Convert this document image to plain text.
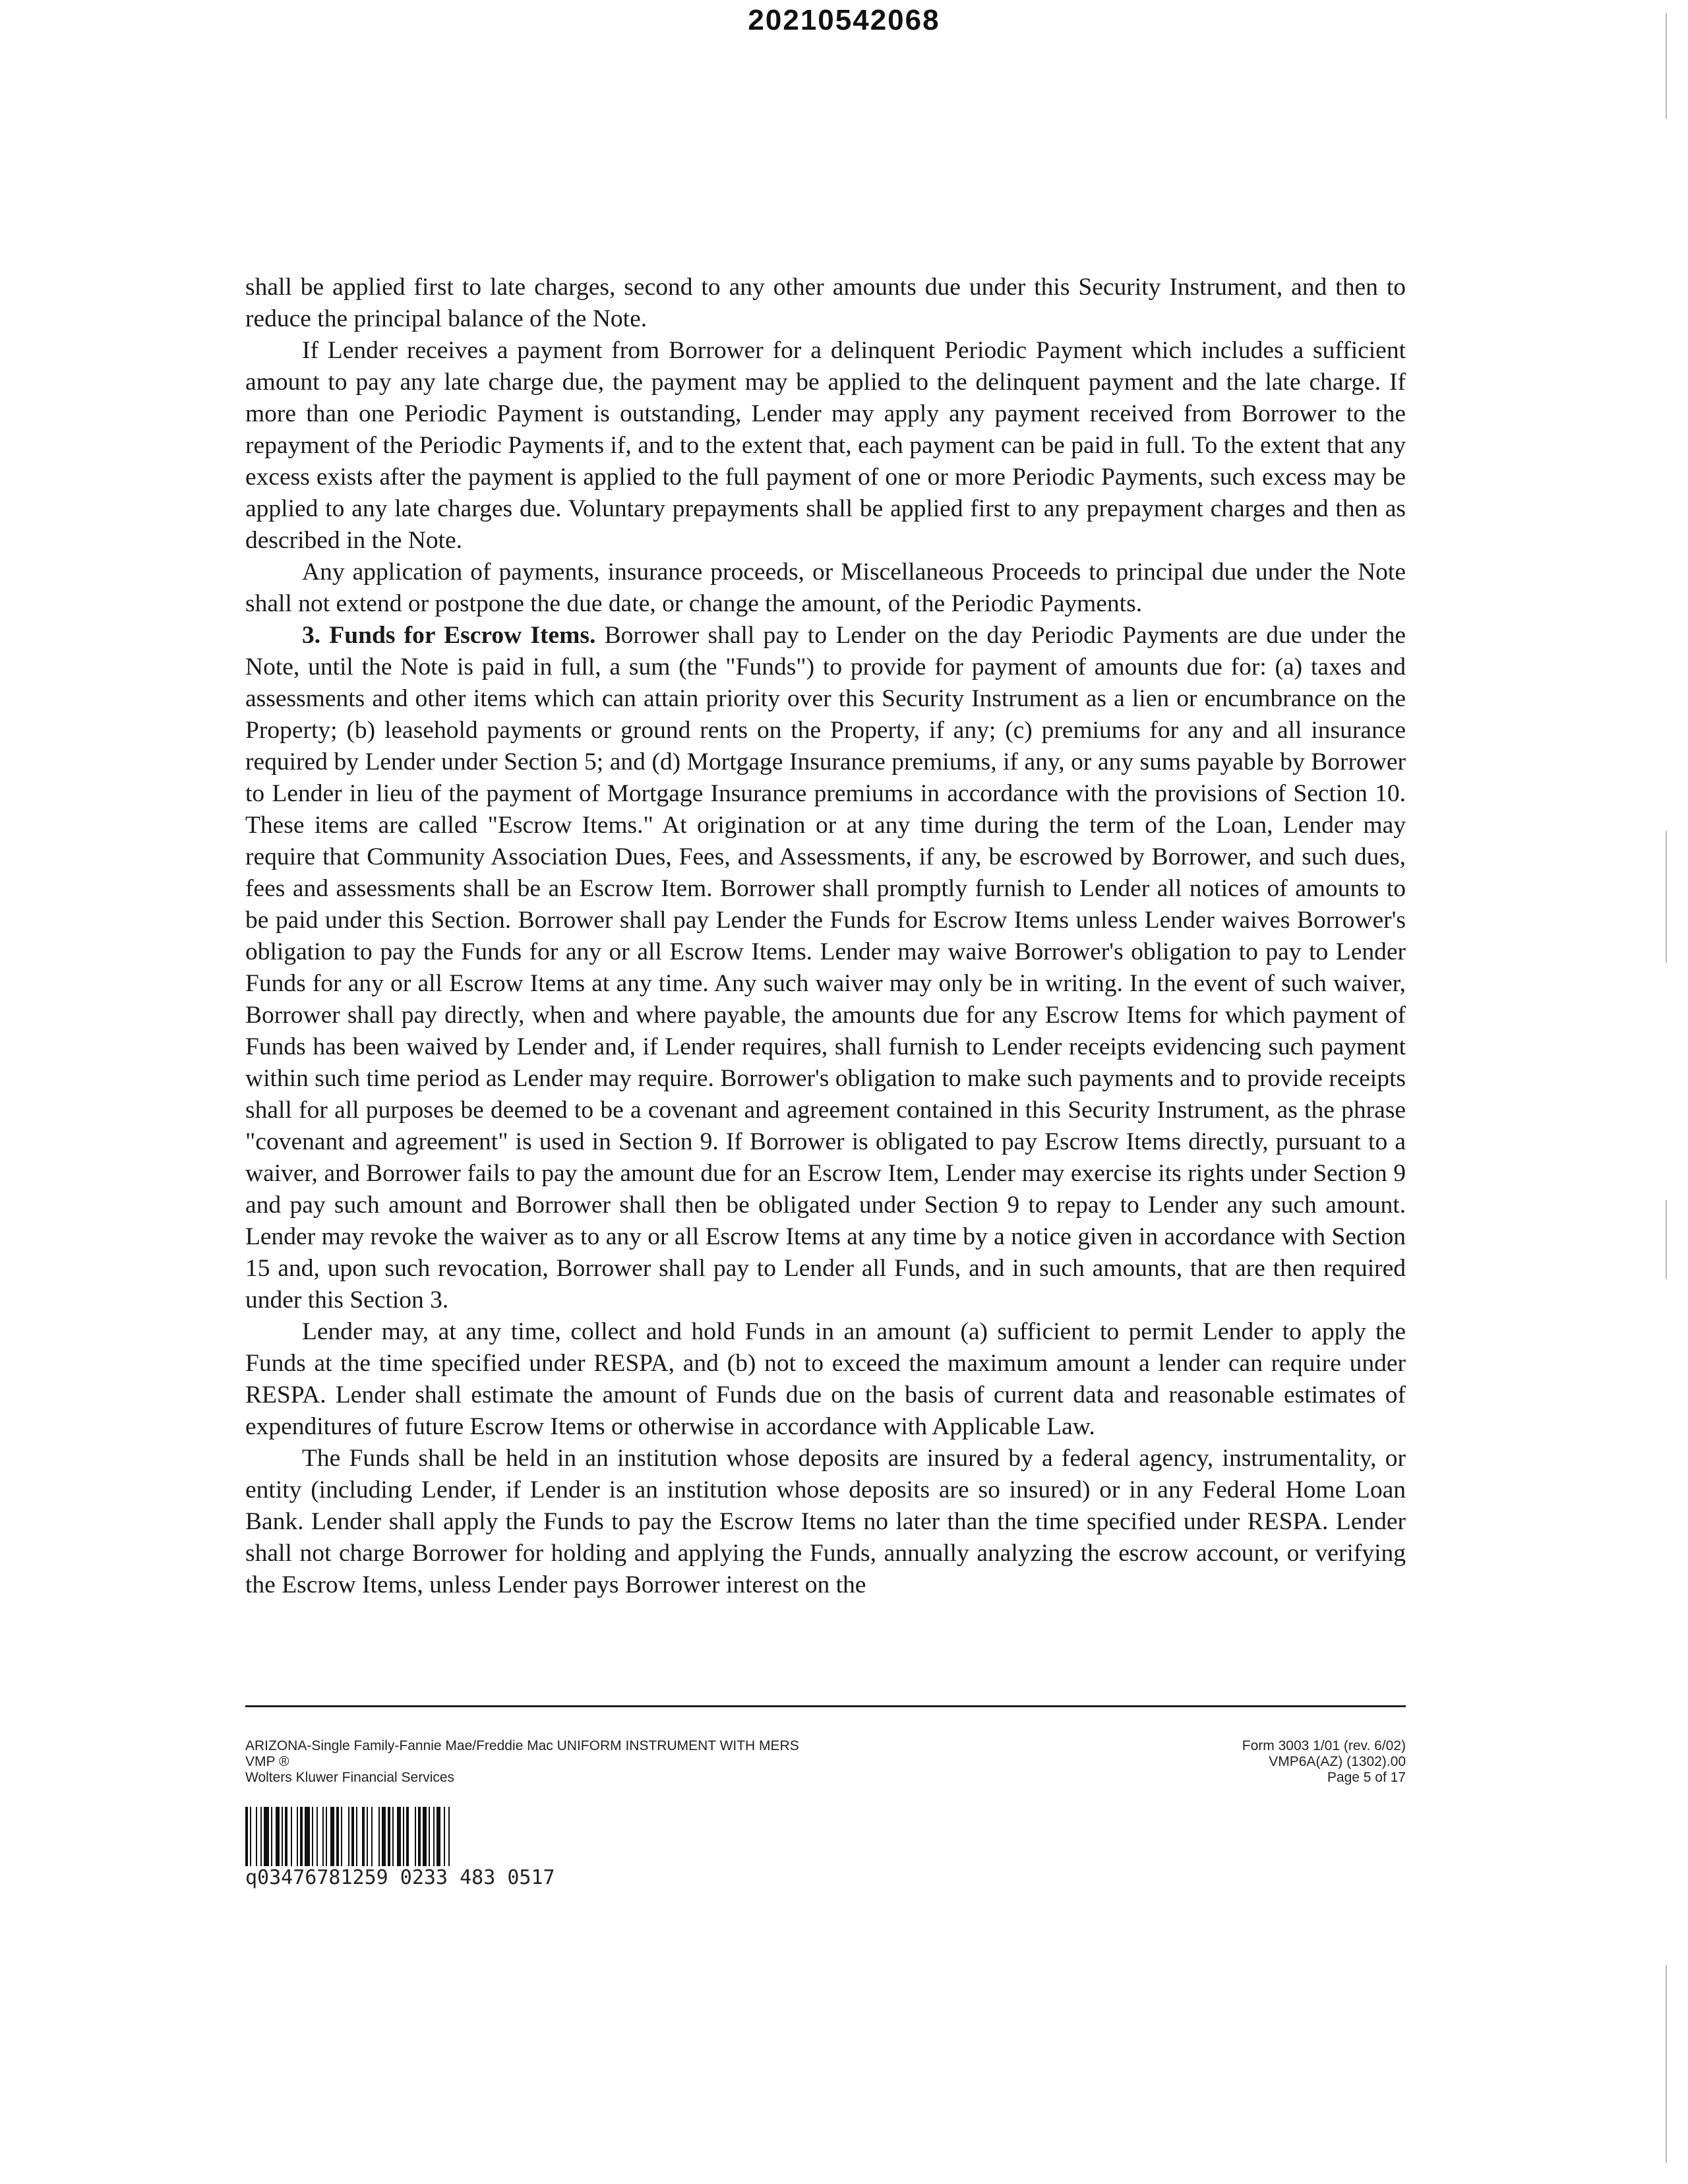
20210542068

shall be applied first to late charges, second to any other amounts due under this Security Instrument, and then to reduce the principal balance of the Note.

If Lender receives a payment from Borrower for a delinquent Periodic Payment which includes a sufficient amount to pay any late charge due, the payment may be applied to the delinquent payment and the late charge. If more than one Periodic Payment is outstanding, Lender may apply any payment received from Borrower to the repayment of the Periodic Payments if, and to the extent that, each payment can be paid in full. To the extent that any excess exists after the payment is applied to the full payment of one or more Periodic Payments, such excess may be applied to any late charges due. Voluntary prepayments shall be applied first to any prepayment charges and then as described in the Note.

Any application of payments, insurance proceeds, or Miscellaneous Proceeds to principal due under the Note shall not extend or postpone the due date, or change the amount, of the Periodic Payments.

3. Funds for Escrow Items. Borrower shall pay to Lender on the day Periodic Payments are due under the Note, until the Note is paid in full, a sum (the "Funds") to provide for payment of amounts due for: (a) taxes and assessments and other items which can attain priority over this Security Instrument as a lien or encumbrance on the Property; (b) leasehold payments or ground rents on the Property, if any; (c) premiums for any and all insurance required by Lender under Section 5; and (d) Mortgage Insurance premiums, if any, or any sums payable by Borrower to Lender in lieu of the payment of Mortgage Insurance premiums in accordance with the provisions of Section 10. These items are called "Escrow Items." At origination or at any time during the term of the Loan, Lender may require that Community Association Dues, Fees, and Assessments, if any, be escrowed by Borrower, and such dues, fees and assessments shall be an Escrow Item. Borrower shall promptly furnish to Lender all notices of amounts to be paid under this Section. Borrower shall pay Lender the Funds for Escrow Items unless Lender waives Borrower's obligation to pay the Funds for any or all Escrow Items. Lender may waive Borrower's obligation to pay to Lender Funds for any or all Escrow Items at any time. Any such waiver may only be in writing. In the event of such waiver, Borrower shall pay directly, when and where payable, the amounts due for any Escrow Items for which payment of Funds has been waived by Lender and, if Lender requires, shall furnish to Lender receipts evidencing such payment within such time period as Lender may require. Borrower's obligation to make such payments and to provide receipts shall for all purposes be deemed to be a covenant and agreement contained in this Security Instrument, as the phrase "covenant and agreement" is used in Section 9. If Borrower is obligated to pay Escrow Items directly, pursuant to a waiver, and Borrower fails to pay the amount due for an Escrow Item, Lender may exercise its rights under Section 9 and pay such amount and Borrower shall then be obligated under Section 9 to repay to Lender any such amount. Lender may revoke the waiver as to any or all Escrow Items at any time by a notice given in accordance with Section 15 and, upon such revocation, Borrower shall pay to Lender all Funds, and in such amounts, that are then required under this Section 3.

Lender may, at any time, collect and hold Funds in an amount (a) sufficient to permit Lender to apply the Funds at the time specified under RESPA, and (b) not to exceed the maximum amount a lender can require under RESPA. Lender shall estimate the amount of Funds due on the basis of current data and reasonable estimates of expenditures of future Escrow Items or otherwise in accordance with Applicable Law.

The Funds shall be held in an institution whose deposits are insured by a federal agency, instrumentality, or entity (including Lender, if Lender is an institution whose deposits are so insured) or in any Federal Home Loan Bank. Lender shall apply the Funds to pay the Escrow Items no later than the time specified under RESPA. Lender shall not charge Borrower for holding and applying the Funds, annually analyzing the escrow account, or verifying the Escrow Items, unless Lender pays Borrower interest on the

ARIZONA-Single Family-Fannie Mae/Freddie Mac UNIFORM INSTRUMENT WITH MERS
VMP ®
Wolters Kluwer Financial Services
Form 3003 1/01 (rev. 6/02)
VMP6A(AZ) (1302).00
Page 5 of 17
q03476781259 0233 483 0517
